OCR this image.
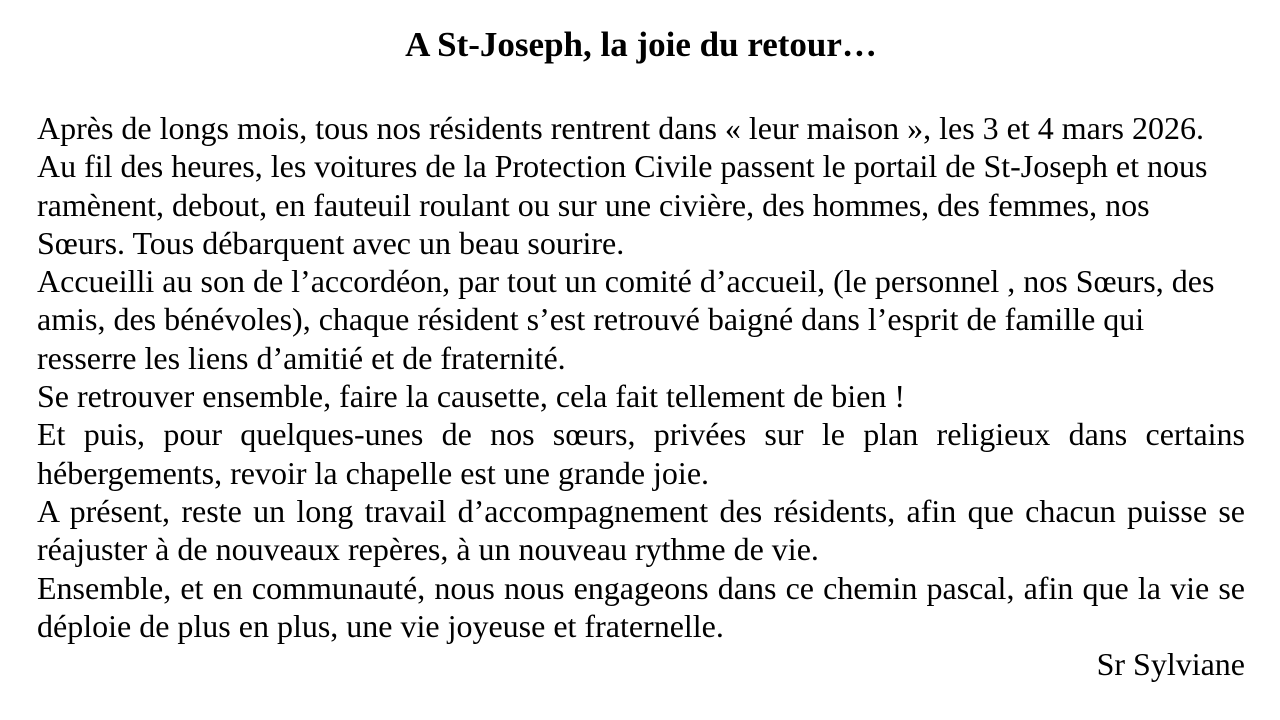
A St-Joseph, la joie du retour…
Après de longs mois, tous nos résidents rentrent dans « leur maison », les 3 et 4 mars 2026.
Au fil des heures, les voitures de la Protection Civile passent le portail de St-Joseph et nous
ramènent, debout, en fauteuil roulant ou sur une civière, des hommes, des femmes, nos
Sœurs. Tous débarquent avec un beau sourire.
Accueilli au son de l’accordéon, par tout un comité d’accueil, (le personnel , nos Sœurs, des
amis, des bénévoles), chaque résident s’est retrouvé baigné dans l’esprit de famille qui
resserre les liens d’amitié et de fraternité.
Se retrouver ensemble, faire la causette, cela fait tellement de bien !
Et puis, pour quelques-unes de nos sœurs, privées sur le plan religieux dans certains
hébergements, revoir la chapelle est une grande joie.
A présent, reste un long travail d’accompagnement des résidents, afin que chacun puisse se
réajuster à de nouveaux repères, à un nouveau rythme de vie.
Ensemble, et en communauté, nous nous engageons dans ce chemin pascal, afin que la vie se
déploie de plus en plus, une vie joyeuse et fraternelle.
Sr Sylviane
